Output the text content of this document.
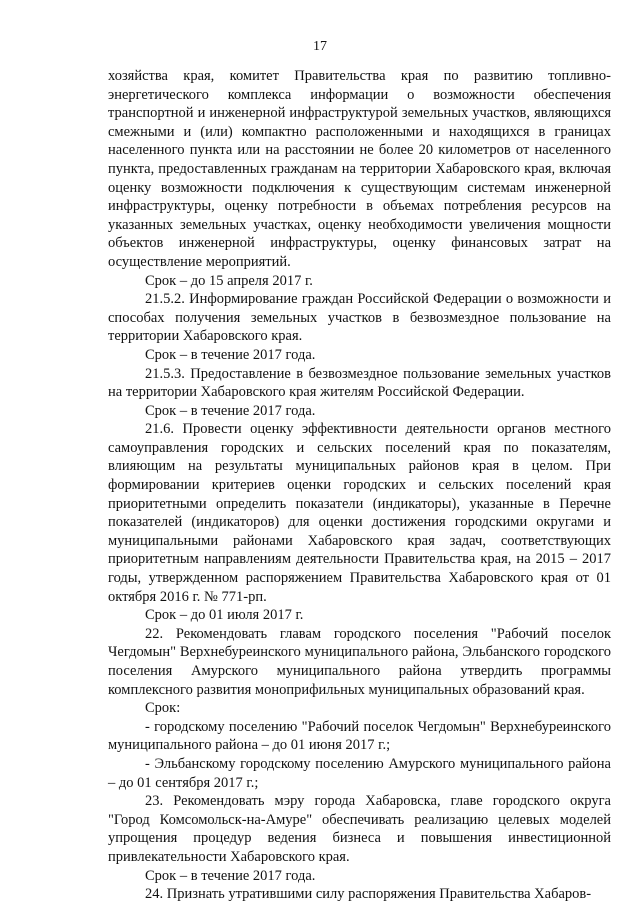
17

хозяйства края, комитет Правительства края по развитию топливно-энергетического комплекса информации о возможности обеспечения транспортной и инженерной инфраструктурой земельных участков, являющихся смежными и (или) компактно расположенными и находящихся в границах населенного пункта или на расстоянии не более 20 километров от населенного пункта, предоставленных гражданам на территории Хабаровского края, включая оценку возможности подключения к существующим системам инженерной инфраструктуры, оценку потребности в объемах потребления ресурсов на указанных земельных участках, оценку необходимости увеличения мощности объектов инженерной инфраструктуры, оценку финансовых затрат на осуществление мероприятий.

Срок – до 15 апреля 2017 г.

21.5.2. Информирование граждан Российской Федерации о возможности и способах получения земельных участков в безвозмездное пользование на территории Хабаровского края.

Срок – в течение 2017 года.

21.5.3. Предоставление в безвозмездное пользование земельных участков на территории Хабаровского края жителям Российской Федерации.

Срок – в течение 2017 года.

21.6. Провести оценку эффективности деятельности органов местного самоуправления городских и сельских поселений края по показателям, влияющим на результаты муниципальных районов края в целом. При формировании критериев оценки городских и сельских поселений края приоритетными определить показатели (индикаторы), указанные в Перечне показателей (индикаторов) для оценки достижения городскими округами и муниципальными районами Хабаровского края задач, соответствующих приоритетным направлениям деятельности Правительства края, на 2015 – 2017 годы, утвержденном распоряжением Правительства Хабаровского края от 01 октября 2016 г. № 771-рп.

Срок – до 01 июля 2017 г.

22. Рекомендовать главам городского поселения "Рабочий поселок Чегдомын" Верхнебуреинского муниципального района, Эльбанского городского поселения Амурского муниципального района утвердить программы комплексного развития моноприфильных муниципальных образований края.

Срок:

- городскому поселению "Рабочий поселок Чегдомын" Верхнебуреинского муниципального района – до 01 июня 2017 г.;

- Эльбанскому городскому поселению Амурского муниципального района – до 01 сентября 2017 г.;

23. Рекомендовать мэру города Хабаровска, главе городского округа "Город Комсомольск-на-Амуре" обеспечивать реализацию целевых моделей упрощения процедур ведения бизнеса и повышения инвестиционной привлекательности Хабаровского края.

Срок – в течение 2017 года.

24. Признать утратившими силу распоряжения Правительства Хабаров-
